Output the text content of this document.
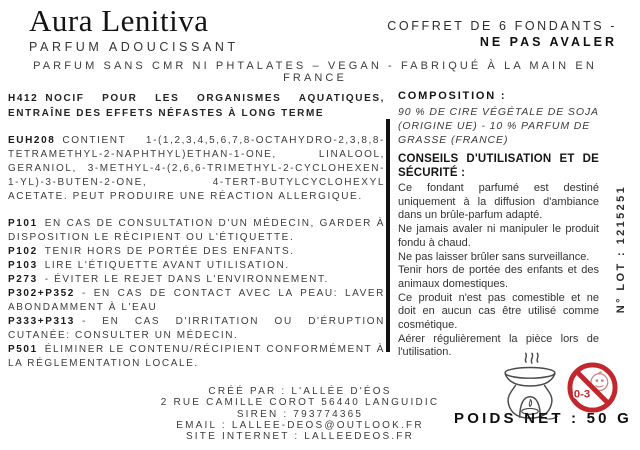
Aura Lenitiva
PARFUM ADOUCISSANT
COFFRET DE 6 FONDANTS -
NE PAS AVALER
PARFUM SANS CMR NI PHTALATES – VEGAN - FABRIQUÉ À LA MAIN EN FRANCE

H412 NOCIF POUR LES ORGANISMES AQUATIQUES, ENTRAÎNE DES EFFETS NÉFASTES À LONG TERME

EUH208 CONTIENT 1-(1,2,3,4,5,6,7,8-OCTAHYDRO-2,3,8,8-TETRAMETHYL-2-NAPHTHYL)ETHAN-1-ONE, LINALOOL, GERANIOL, 3-METHYL-4-(2,6,6-TRIMETHYL-2-CYCLOHEXEN-1-YL)-3-BUTEN-2-ONE, 4-TERT-BUTYLCYCLOHEXYL ACETATE. PEUT PRODUIRE UNE RÉACTION ALLERGIQUE.

P101 EN CAS DE CONSULTATION D'UN MÉDECIN, GARDER À DISPOSITION LE RÉCIPIENT OU L'ÉTIQUETTE.

P102 TENIR HORS DE PORTÉE DES ENFANTS.

P103 LIRE L'ÉTIQUETTE AVANT UTILISATION.

P273 - ÉVITER LE REJET DANS L'ENVIRONNEMENT.

P302+P352 - EN CAS DE CONTACT AVEC LA PEAU: LAVER ABONDAMMENT À L'EAU

P333+P313 - EN CAS D'IRRITATION OU D'ÉRUPTION CUTANÉE: CONSULTER UN MÉDECIN.

P501 ÉLIMINER LE CONTENU/RÉCIPIENT CONFORMÉMENT À LA RÉGLEMENTATION LOCALE.

COMPOSITION :
90 % DE CIRE VÉGÉTALE DE SOJA (ORIGINE UE) - 10 % PARFUM DE GRASSE (FRANCE)
CONSEILS D'UTILISATION ET DE SÉCURITÉ :

Ce fondant parfumé est destiné uniquement à la diffusion d'ambiance dans un brûle-parfum adapté.

Ne jamais avaler ni manipuler le produit fondu à chaud.

Ne pas laisser brûler sans surveillance.

Tenir hors de portée des enfants et des animaux domestiques.

Ce produit n'est pas comestible et ne doit en aucun cas être utilisé comme cosmétique.

Aérer régulièrement la pièce lors de l'utilisation.

N° LOT : 1215251
CRÉÉ PAR : L'ALLÉE D'ÉOS
2 RUE CAMILLE COROT 56440 LANGUIDIC
SIREN : 793774365
EMAIL : LALLEE-DEOS@OUTLOOK.FR
SITE INTERNET : LALLEEDEOS.FR
0-3
POIDS NET : 50 G
